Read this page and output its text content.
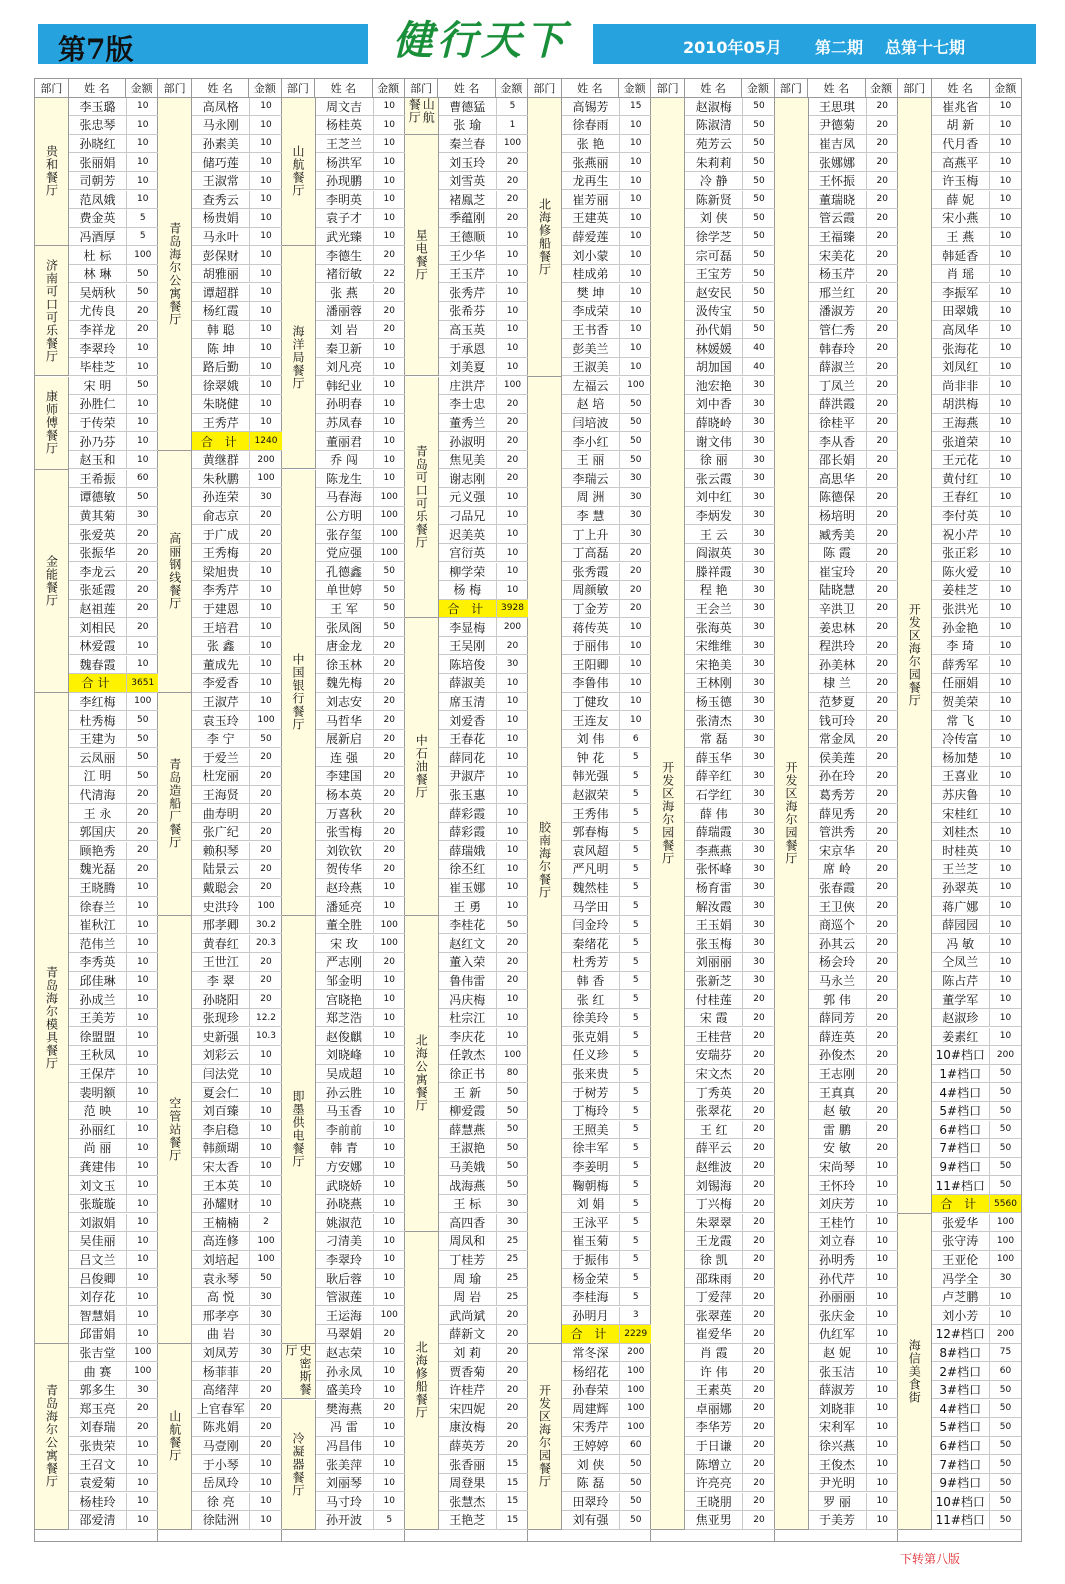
第7版	健行天下	2010年05月 第二期 总第十七期
部门	姓 名	金额
贵和餐厅
李玉璐	10
张忠琴	10
孙晓红	10
张丽娟	10
司朝芳	10
范凤娥	10
费金英	5
冯酒厚	5
济南可口可乐餐厅
杜 标	100
林 琳	50
吴炳秋	50
尤传良	20
李祥龙	20
李翠玲	10
毕桂芝	10
康师傅餐厅
宋 明	50
孙胜仁	10
于传荣	10
孙乃芬	10
赵玉和	10
金能餐厅
王希振	60
谭德敏	50
黄其菊	30
张爱英	20
张振华	20
李龙云	20
张延霞	20
赵祖莲	20
刘相民	20
林爱霞	10
魏春霞	10
合计	3651
青岛海尔模具餐厅
李红梅	100
杜秀梅	50
王建为	50
云凤丽	50
江 明	50
代清海	20
王 永	20
郭国庆	20
顾艳秀	20
魏光磊	20
王晓腾	10
徐春兰	10
崔秋江	10
范伟兰	10
李秀英	10
邱佳琳	10
孙成兰	10
王美芳	10
徐盟盟	10
王秋凤	10
王保芹	10
裴明额	10
范 映	10
孙丽红	10
尚 丽	10
龚建伟	10
刘文玉	10
张璇璇	10
刘淑娟	10
吴佳丽	10
吕文兰	10
吕俊卿	10
刘存花	10
智慧娟	10
邱雷娟	10
青岛海尔公寓餐厅
张吉堂	100
曲 赛	100
郭多生	30
郑玉亮	20
刘春瑞	20
张贵荣	10
王召文	10
袁爱菊	10
杨桂玲	10
邵爱清	10
部门	姓 名	金额
青岛海尔公寓餐厅
高凤格	10
马永刚	10
孙素美	10
储巧莲	10
王淑常	10
查秀云	10
杨贵娟	10
马永叶	10
彭保财	10
胡雅丽	10
谭超群	10
杨红霞	10
韩 聪	10
陈 坤	10
路后勤	10
徐翠娥	10
朱晓健	10
王秀芹	10
合 计	1240
高丽钢线餐厅
黄继群	200
朱秋鹏	100
孙连荣	30
俞志京	20
于广成	20
王秀梅	20
梁旭贵	10
李秀芹	10
于建恩	10
王培君	10
张 鑫	10
董成先	10
李爱香	10
青岛造船厂餐厅
王淑芹	10
袁玉玲	100
李 宁	50
于爱兰	20
杜宠丽	20
王海贤	20
曲寿明	20
张广纪	20
赖积琴	20
陆景云	20
戴聪会	20
史洪玲	100
空管站餐厅
邢孝卿	30.2
黄春红	20.3
王世江	20
李 翠	20
孙晓阳	20
张现珍	12.2
史新强	10.3
刘彩云	10
闫法党	10
夏会仁	10
刘百臻	10
李启稳	10
韩颜瑚	10
宋太香	10
王本英	10
孙耀财	10
王楠楠	2
高连修	100
刘培起	100
袁永琴	50
高 悦	30
邢孝亭	30
曲 岩	30
山航餐厅
刘凤芳	30
杨菲菲	20
高绪萍	20
上官春军	20
陈兆娟	20
马壹刚	20
于小琴	10
岳凤玲	10
徐 亮	10
徐陆洲	10
部门	姓 名	金额
山航餐厅
周文吉	10
杨桂英	10
王芝兰	10
杨洪军	10
孙现鹏	10
李明英	10
袁子才	10
武光臻	10
海洋局餐厅
李德生	20
褚衍敏	22
张 燕	20
潘丽蓉	20
刘 岩	20
秦卫新	10
刘凡亮	10
韩纪业	10
孙明春	10
苏凤春	10
董丽君	10
乔 闯	10
中国银行餐厅
陈龙生	10
马春海	100
公方明	100
张存玺	100
党应强	100
孔德鑫	50
单世婷	50
王 军	50
张凤阁	50
唐金龙	20
徐玉林	20
魏先梅	20
刘志安	20
马哲华	20
展新启	20
连 强	20
李建国	20
杨本英	20
万喜秋	20
张雪梅	20
刘钦钦	20
贺传华	20
赵玲燕	10
潘延亮	10
即墨供电餐厅
董全胜	100
宋 玫	100
严志刚	20
邹金明	10
宫晓艳	10
郑芝浩	10
赵俊麒	10
刘晓峰	10
吴成超	10
孙云胜	10
马玉香	10
李前前	10
韩 青	10
方安娜	10
武晓娇	10
孙晓燕	10
姚淑范	10
刁清美	10
李翠玲	10
耿后蓉	10
管淑莲	10
王运海	100
马翠娟	20
史密斯餐厅	赵志荣	10
孙永凤	10
盛美玲	10
冷凝器餐厅
樊海燕	20
冯 雷	10
冯昌伟	10
张美萍	10
刘丽琴	10
马寸玲	10
孙开波	5
部门	姓 名	金额
山航餐厅	曹德猛	5
张 瑜	1
星电餐厅
秦兰春	100
刘玉玲	20
刘雪英	20
褚鳯芝	20
季蕴刚	20
王德顺	10
王少华	10
王玉芹	10
张秀芹	10
张希芬	10
高玉英	10
于承恩	10
刘美夏	10
青岛可口可乐餐厅
庄洪芹	100
李士忠	20
董秀兰	20
孙淑明	20
焦见美	20
谢志刚	20
元义强	10
刁品兄	10
迟美英	10
宫衍英	10
柳学荣	10
杨 梅	10
合 计	3928
中石油餐厅
李显梅	200
王吴刚	20
陈培俊	30
薛淑美	10
席玉清	10
刘爱香	10
王春花	10
薛同花	10
尹淑芹	10
张玉惠	10
薛彩霞	10
薛彩霞	10
薛瑞娥	10
徐丕红	10
崔玉娜	10
王 勇	10
北海公寓餐厅
李桂花	50
赵红文	20
董入荣	20
鲁伟雷	20
冯庆梅	10
杜宗江	10
李庆花	10
任敦杰	100
徐正书	80
王 新	50
柳爱霞	50
薛慧燕	50
王淑艳	50
马美娥	50
战海燕	50
王 标	30
高四香	30
北海修船餐厅
周凤和	25
丁桂芳	25
周 瑜	25
周 岩	25
武尚斌	20
薛新文	20
刘 莉	20
贾香菊	20
许桂芹	20
宋四妮	20
康汝梅	20
薛英芳	20
张香丽	15
周登果	15
张慧杰	15
王艳芝	15
部门	姓 名	金额
北海修船餐厅
高锡芳	15
徐春雨	10
张 艳	10
张燕丽	10
龙再生	10
崔芳丽	10
王建英	10
薛爱莲	10
刘小蒙	10
桂成弟	10
樊 坤	10
李成荣	10
王书香	10
彭美兰	10
王淑美	10
胶南海尔餐厅
左福云	100
赵 培	50
闫培波	50
李小红	50
王 丽	50
李瑞云	30
周 洲	30
李 慧	30
丁上升	30
丁高磊	20
张秀霞	20
周颜敏	20
丁金芳	20
蒋传英	10
于丽伟	10
王阳卿	10
李鲁伟	10
丁健玫	10
王连友	10
刘 伟	6
钟 花	5
韩光强	5
赵淑荣	5
王秀伟	5
郭春梅	5
袁风超	5
严凡明	5
魏然桂	5
马学田	5
闫金玲	5
秦绪花	5
杜秀芳	5
韩 香	5
张 红	5
徐美玲	5
张克娟	5
任义珍	5
张来贵	5
于树芳	5
丁梅玲	5
王照美	5
徐丰军	5
李姜明	5
鞠朝梅	5
刘 娟	5
王泳平	5
崔玉菊	5
于振伟	5
杨金荣	5
李桂海	5
孙明月	3
合 计	2229
开发区海尔园餐厅
常冬深	200
杨绍花	100
孙春荣	100
周建辉	100
宋秀芹	100
王婷婷	60
刘 侠	50
陈 磊	50
田翠玲	50
刘有强	50
部门	姓 名	金额
开发区海尔园餐厅
赵淑梅	50
陈淑清	50
苑芳云	50
朱莉莉	50
冷 静	50
陈新贤	50
刘 侠	50
徐学芝	50
宗可磊	50
王宝芳	50
赵安民	50
汲传宝	50
孙代娟	50
林媛媛	40
胡加国	40
池宏艳	30
刘中香	30
薛晓岭	30
谢文伟	30
徐 丽	30
张云霞	30
刘中红	30
李炳发	30
王 云	30
阎淑英	30
滕祥霞	30
程 艳	30
王会兰	30
张海英	30
宋维维	30
宋艳美	30
王林刚	30
杨玉德	30
张清杰	30
常 磊	30
薛玉华	30
薛辛红	30
石学红	30
薛 伟	30
薛瑞霞	30
李燕燕	30
张怀峰	30
杨育雷	30
解汝霞	30
王玉娟	30
张玉梅	30
刘丽丽	30
张新芝	30
付桂莲	20
宋 霞	20
王桂营	20
安瑞芬	20
宋文杰	20
丁秀英	20
张翠花	20
王 红	20
薛平云	20
赵维波	20
刘锡海	20
丁兴梅	20
朱翠翠	20
王龙霞	20
徐 凯	20
邵珠雨	20
丁爱萍	20
张翠莲	20
崔爱华	20
肖 霞	20
许 伟	20
王素英	20
卓丽娜	20
李华芳	20
于日谦	20
陈增立	20
许亮亮	20
王晓朋	20
焦亚男	20
部门	姓 名	金额
开发区海尔园餐厅
王思琪	20
尹德菊	20
崔吉凤	20
张娜娜	20
王怀振	20
董瑞晓	20
管云霞	20
王福臻	20
宋美花	20
杨玉芹	20
邢兰红	20
潘淑芳	20
管仁秀	20
韩春玲	20
薛淑兰	20
丁凤兰	20
薛洪霞	20
徐桂平	20
李从香	20
邵长娟	20
高思华	20
陈德保	20
杨培明	20
臧秀美	20
陈 霞	20
崔宝玲	20
陆晓慧	20
辛洪卫	20
姜忠林	20
程洪玲	20
孙美林	20
棣 兰	20
范梦夏	20
钱可玲	20
常金凤	20
侯美莲	20
孙在玲	20
葛秀芳	20
薛见秀	20
管洪秀	20
宋京华	20
席 岭	20
张春霞	20
王卫俠	20
商巡个	20
孙其云	20
杨会玲	20
马永兰	20
郭 伟	20
薛同芳	20
薛连英	20
孙俊杰	20
王志刚	20
王真真	20
赵 敏	20
雷 鹏	20
安 敏	20
宋尚琴	10
王怀玲	10
刘庆芳	10
王桂竹	10
刘立春	10
孙明秀	10
孙代芹	10
孙丽丽	10
张庆金	10
仇红军	10
赵 妮	10
张玉洁	10
薛淑芳	10
刘晓菲	10
宋利军	10
徐兴燕	10
王俊杰	10
尹光明	10
罗 丽	10
于美芳	10
部门	姓 名	金额
开发区海尔园餐厅
崔兆省	10
胡 新	10
代月香	10
高燕平	10
许玉梅	10
薛 妮	10
宋小燕	10
王 燕	10
韩延香	10
肖 瑶	10
李振军	10
田翠娥	10
高凤华	10
张海花	10
刘凤红	10
尚非非	10
胡洪梅	10
王海燕	10
张道荣	10
王元花	10
黄付红	10
王春红	10
李付英	10
祝小芹	10
张正彩	10
陈火爱	10
姜桂芝	10
张洪光	10
孙金艳	10
李 琦	10
薛秀军	10
任丽娟	10
贺美荣	10
常 飞	10
冷传富	10
杨加楚	10
王喜业	10
苏庆鲁	10
宋桂红	10
刘桂杰	10
时桂英	10
王兰芝	10
孙翠英	10
蒋广娜	10
薛园园	10
冯 敏	10
仝凤兰	10
陈占芹	10
董学军	10
赵淑珍	10
姜素红	10
10#档口	200
1#档口	50
4#档口	50
5#档口	50
6#档口	50
7#档口	50
9#档口	50
11#档口	50
合 计	5560
海信美食街
张爱华	100
张守涛	100
王亚伦	100
冯学全	30
卢芝鹏	10
刘小芳	10
12#档口	200
8#档口	75
2#档口	60
3#档口	50
4#档口	50
5#档口	50
6#档口	50
7#档口	50
9#档口	50
10#档口	50
11#档口	50
下转第八版
